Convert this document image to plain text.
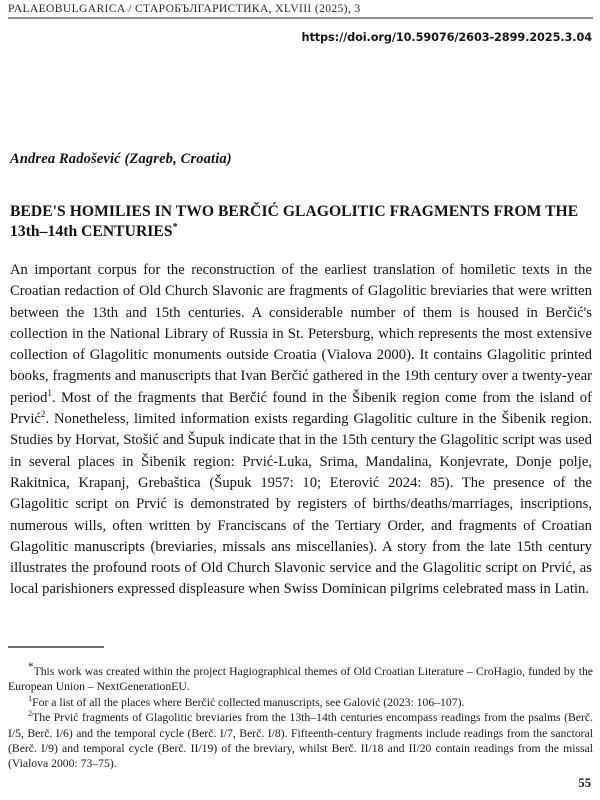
PALAEOBULGARICA / СТАРОБЪЛГАРИСТИКА, XLVIII (2025), 3
https://doi.org/10.59076/2603-2899.2025.3.04
Andrea Radošević (Zagreb, Croatia)
BEDE'S HOMILIES IN TWO BERČIĆ GLAGOLITIC FRAGMENTS FROM THE 13th–14th CENTURIES*
An important corpus for the reconstruction of the earliest translation of homiletic texts in the Croatian redaction of Old Church Slavonic are fragments of Glagolitic breviaries that were written between the 13th and 15th centuries. A considerable number of them is housed in Berčić's collection in the National Library of Russia in St. Petersburg, which represents the most extensive collection of Glagolitic monuments outside Croatia (Vialova 2000). It contains Glagolitic printed books, fragments and manuscripts that Ivan Berčić gathered in the 19th century over a twenty-year period$^1$. Most of the fragments that Berčić found in the Šibenik region come from the island of Prvić$^2$. Nonetheless, limited information exists regarding Glagolitic culture in the Šibenik region. Studies by Horvat, Stošić and Šupuk indicate that in the 15th century the Glagolitic script was used in several places in Šibenik region: Prvić-Luka, Srima, Mandalina, Konjevrate, Donje polje, Rakitnica, Krapanj, Grebaštica (Šupuk 1957: 10; Eterović 2024: 85). The presence of the Glagolitic script on Prvić is demonstrated by registers of births/deaths/marriages, inscriptions, numerous wills, often written by Franciscans of the Tertiary Order, and fragments of Croatian Glagolitic manuscripts (breviaries, missals ans miscellanies). A story from the late 15th century illustrates the profound roots of Old Church Slavonic service and the Glagolitic script on Prvić, as local parishioners expressed displeasure when Swiss Dominican pilgrims celebrated mass in Latin.

*This work was created within the project Hagiographical themes of Old Croatian Literature – CroHagio, funded by the European Union – NextGenerationEU.

$^1$For a list of all the places where Berčić collected manuscripts, see Galović (2023: 106–107).

$^2$The Prvić fragments of Glagolitic breviaries from the 13th–14th centuries encompass readings from the psalms (Berč. I/5, Berč. I/6) and the temporal cycle (Berč. I/7, Berč. I/8). Fifteenth-century fragments include readings from the sanctoral (Berč. I/9) and temporal cycle (Berč. II/19) of the breviary, whilst Berč. II/18 and II/20 contain readings from the missal (Vialova 2000: 73–75).

55
